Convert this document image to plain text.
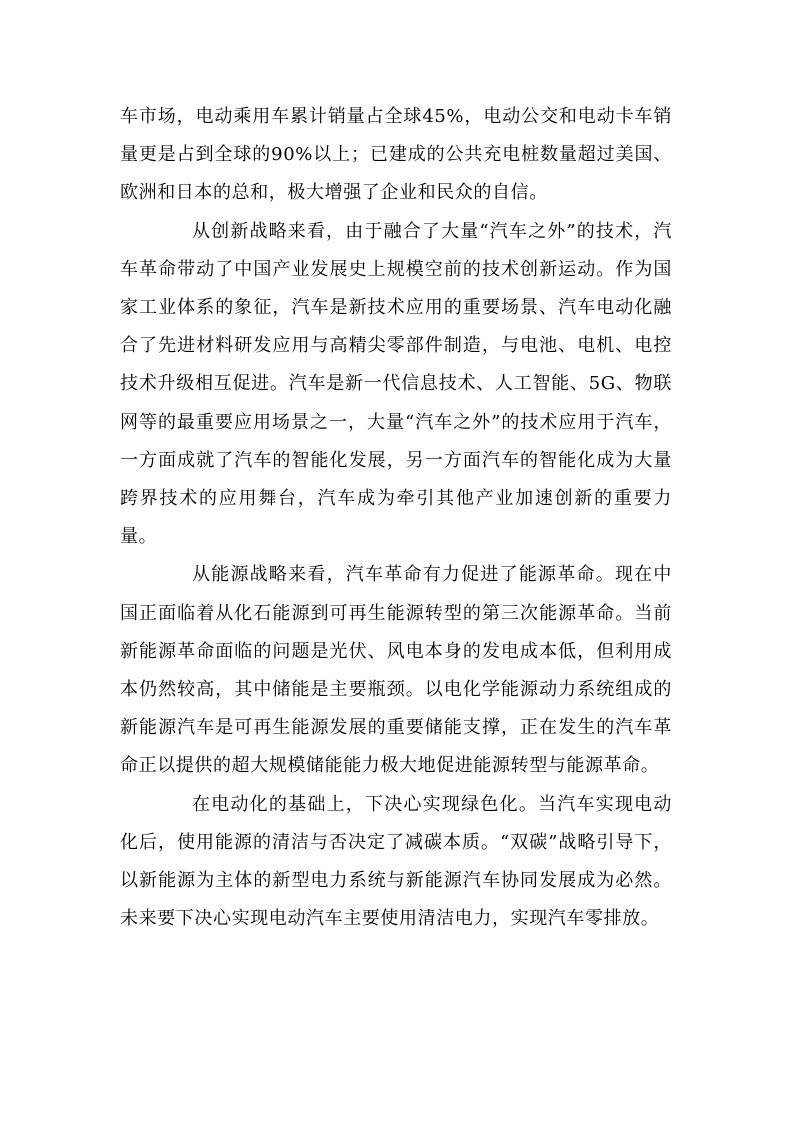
车市场，电动乘用车累计销量占全球45%，电动公交和电动卡车销量更是占到全球的90%以上；已建成的公共充电桩数量超过美国、欧洲和日本的总和，极大增强了企业和民众的自信。

从创新战略来看，由于融合了大量“汽车之外”的技术，汽车革命带动了中国产业发展史上规模空前的技术创新运动。作为国家工业体系的象征，汽车是新技术应用的重要场景、汽车电动化融合了先进材料研发应用与高精尖零部件制造，与电池、电机、电控技术升级相互促进。汽车是新一代信息技术、人工智能、5G、物联网等的最重要应用场景之一，大量“汽车之外”的技术应用于汽车，一方面成就了汽车的智能化发展，另一方面汽车的智能化成为大量跨界技术的应用舞台，汽车成为牵引其他产业加速创新的重要力量。

从能源战略来看，汽车革命有力促进了能源革命。现在中国正面临着从化石能源到可再生能源转型的第三次能源革命。当前新能源革命面临的问题是光伏、风电本身的发电成本低，但利用成本仍然较高，其中储能是主要瓶颈。以电化学能源动力系统组成的新能源汽车是可再生能源发展的重要储能支撑，正在发生的汽车革命正以提供的超大规模储能能力极大地促进能源转型与能源革命。

在电动化的基础上，下决心实现绿色化。当汽车实现电动化后，使用能源的清洁与否决定了减碳本质。“双碳”战略引导下，以新能源为主体的新型电力系统与新能源汽车协同发展成为必然。未来要下决心实现电动汽车主要使用清洁电力，实现汽车零排放。
